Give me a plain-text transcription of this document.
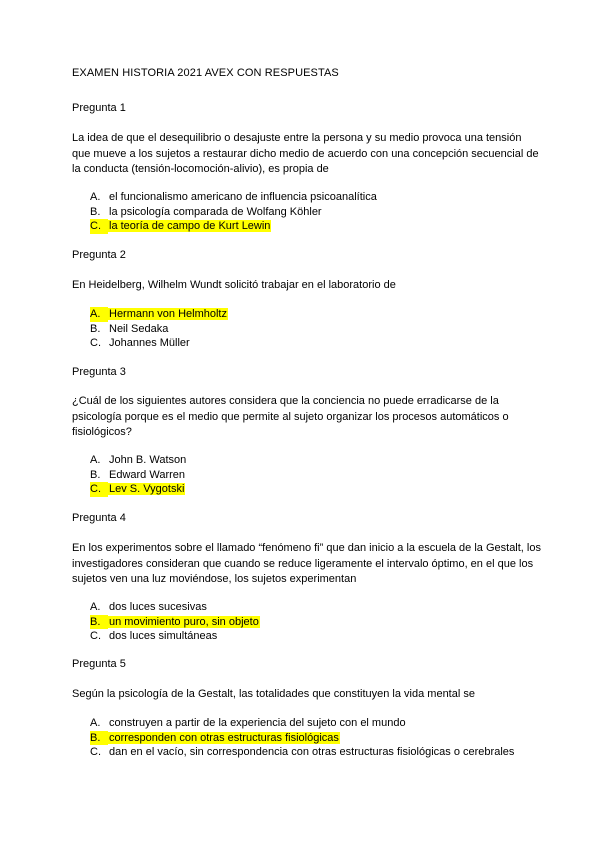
EXAMEN HISTORIA 2021 AVEX CON RESPUESTAS
Pregunta 1
La idea de que el desequilibrio o desajuste entre la persona y su medio provoca una tensión que mueve a los sujetos a restaurar dicho medio de acuerdo con una concepción secuencial de la conducta (tensión-locomoción-alivio), es propia de
A. el funcionalismo americano de influencia psicoanalítica
B. la psicología comparada de Wolfang Köhler
C. la teoría de campo de Kurt Lewin
Pregunta 2
En Heidelberg, Wilhelm Wundt solicitó trabajar en el laboratorio de
A. Hermann von Helmholtz
B. Neil Sedaka
C. Johannes Müller
Pregunta 3
¿Cuál de los siguientes autores considera que la conciencia no puede erradicarse de la psicología porque es el medio que permite al sujeto organizar los procesos automáticos o fisiológicos?
A. John B. Watson
B. Edward Warren
C. Lev S. Vygotski
Pregunta 4
En los experimentos sobre el llamado “fenómeno fi” que dan inicio a la escuela de la Gestalt, los investigadores consideran que cuando se reduce ligeramente el intervalo óptimo, en el que los sujetos ven una luz moviéndose, los sujetos experimentan
A. dos luces sucesivas
B. un movimiento puro, sin objeto
C. dos luces simultáneas
Pregunta 5
Según la psicología de la Gestalt, las totalidades que constituyen la vida mental se
A. construyen a partir de la experiencia del sujeto con el mundo
B. corresponden con otras estructuras fisiológicas
C. dan en el vacío, sin correspondencia con otras estructuras fisiológicas o cerebrales
